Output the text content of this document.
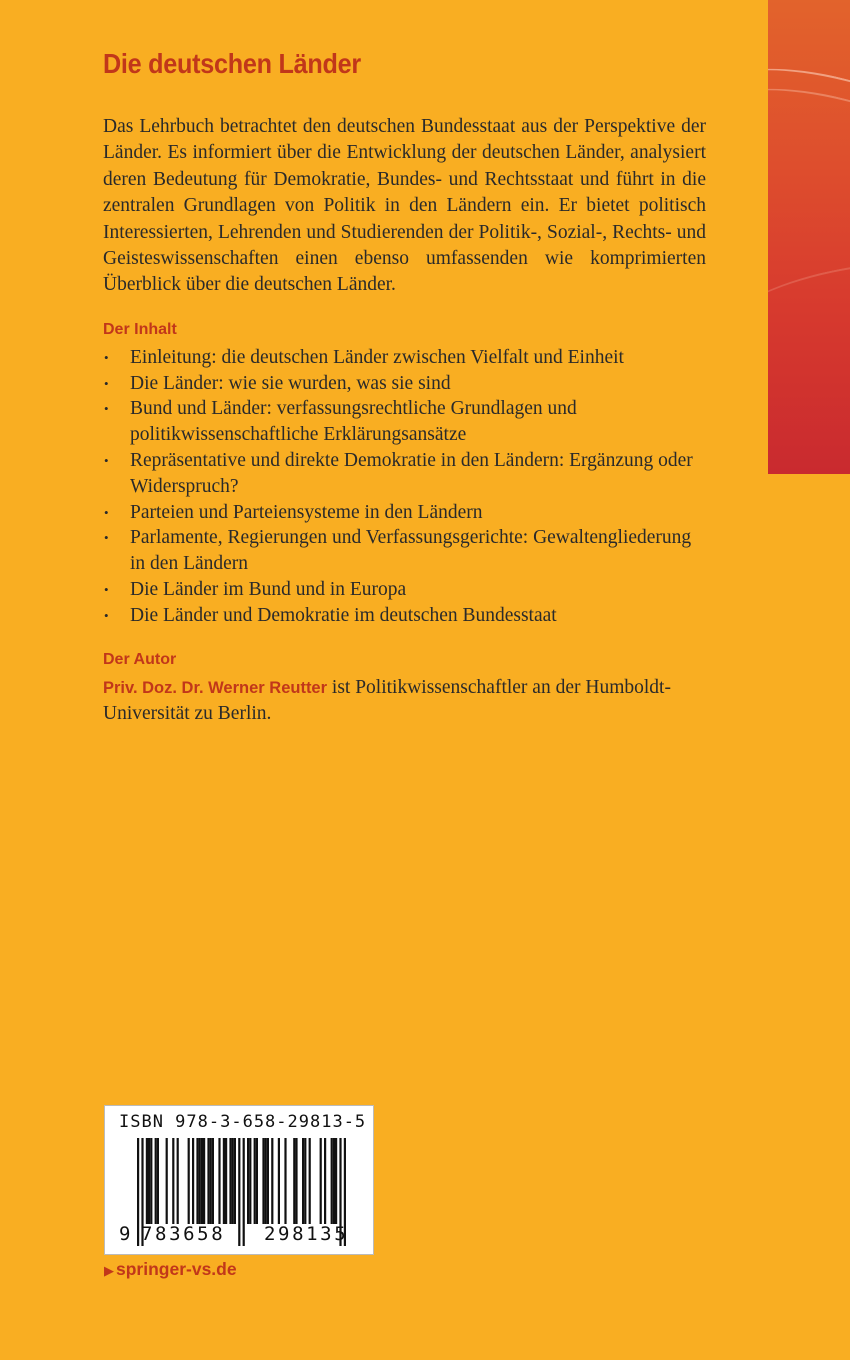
Die deutschen Länder

Das Lehrbuch betrachtet den deutschen Bundesstaat aus der Perspektive der Länder. Es informiert über die Entwicklung der deutschen Länder, analysiert deren Bedeutung für Demokratie, Bundes- und Rechtsstaat und führt in die zentralen Grundlagen von Politik in den Ländern ein. Er bietet politisch Interessierten, Lehrenden und Studierenden der Politik-, Sozial-, Rechts- und Geisteswissenschaften einen ebenso umfassenden wie komprimierten Überblick über die deutschen Länder.

Der Inhalt
• Einleitung: die deutschen Länder zwischen Vielfalt und Einheit
• Die Länder: wie sie wurden, was sie sind
• Bund und Länder: verfassungsrechtliche Grundlagen und politikwissenschaftliche Erklärungsansätze
• Repräsentative und direkte Demokratie in den Ländern: Ergänzung oder Widerspruch?
• Parteien und Parteiensysteme in den Ländern
• Parlamente, Regierungen und Verfassungsgerichte: Gewaltengliederung in den Ländern
• Die Länder im Bund und in Europa
• Die Länder und Demokratie im deutschen Bundesstaat
Der Autor

Priv. Doz. Dr. Werner Reutter ist Politikwissenschaftler an der Humboldt-Universität zu Berlin.

ISBN 978-3-658-29813-5
9 783658 298135
▶ springer-vs.de
